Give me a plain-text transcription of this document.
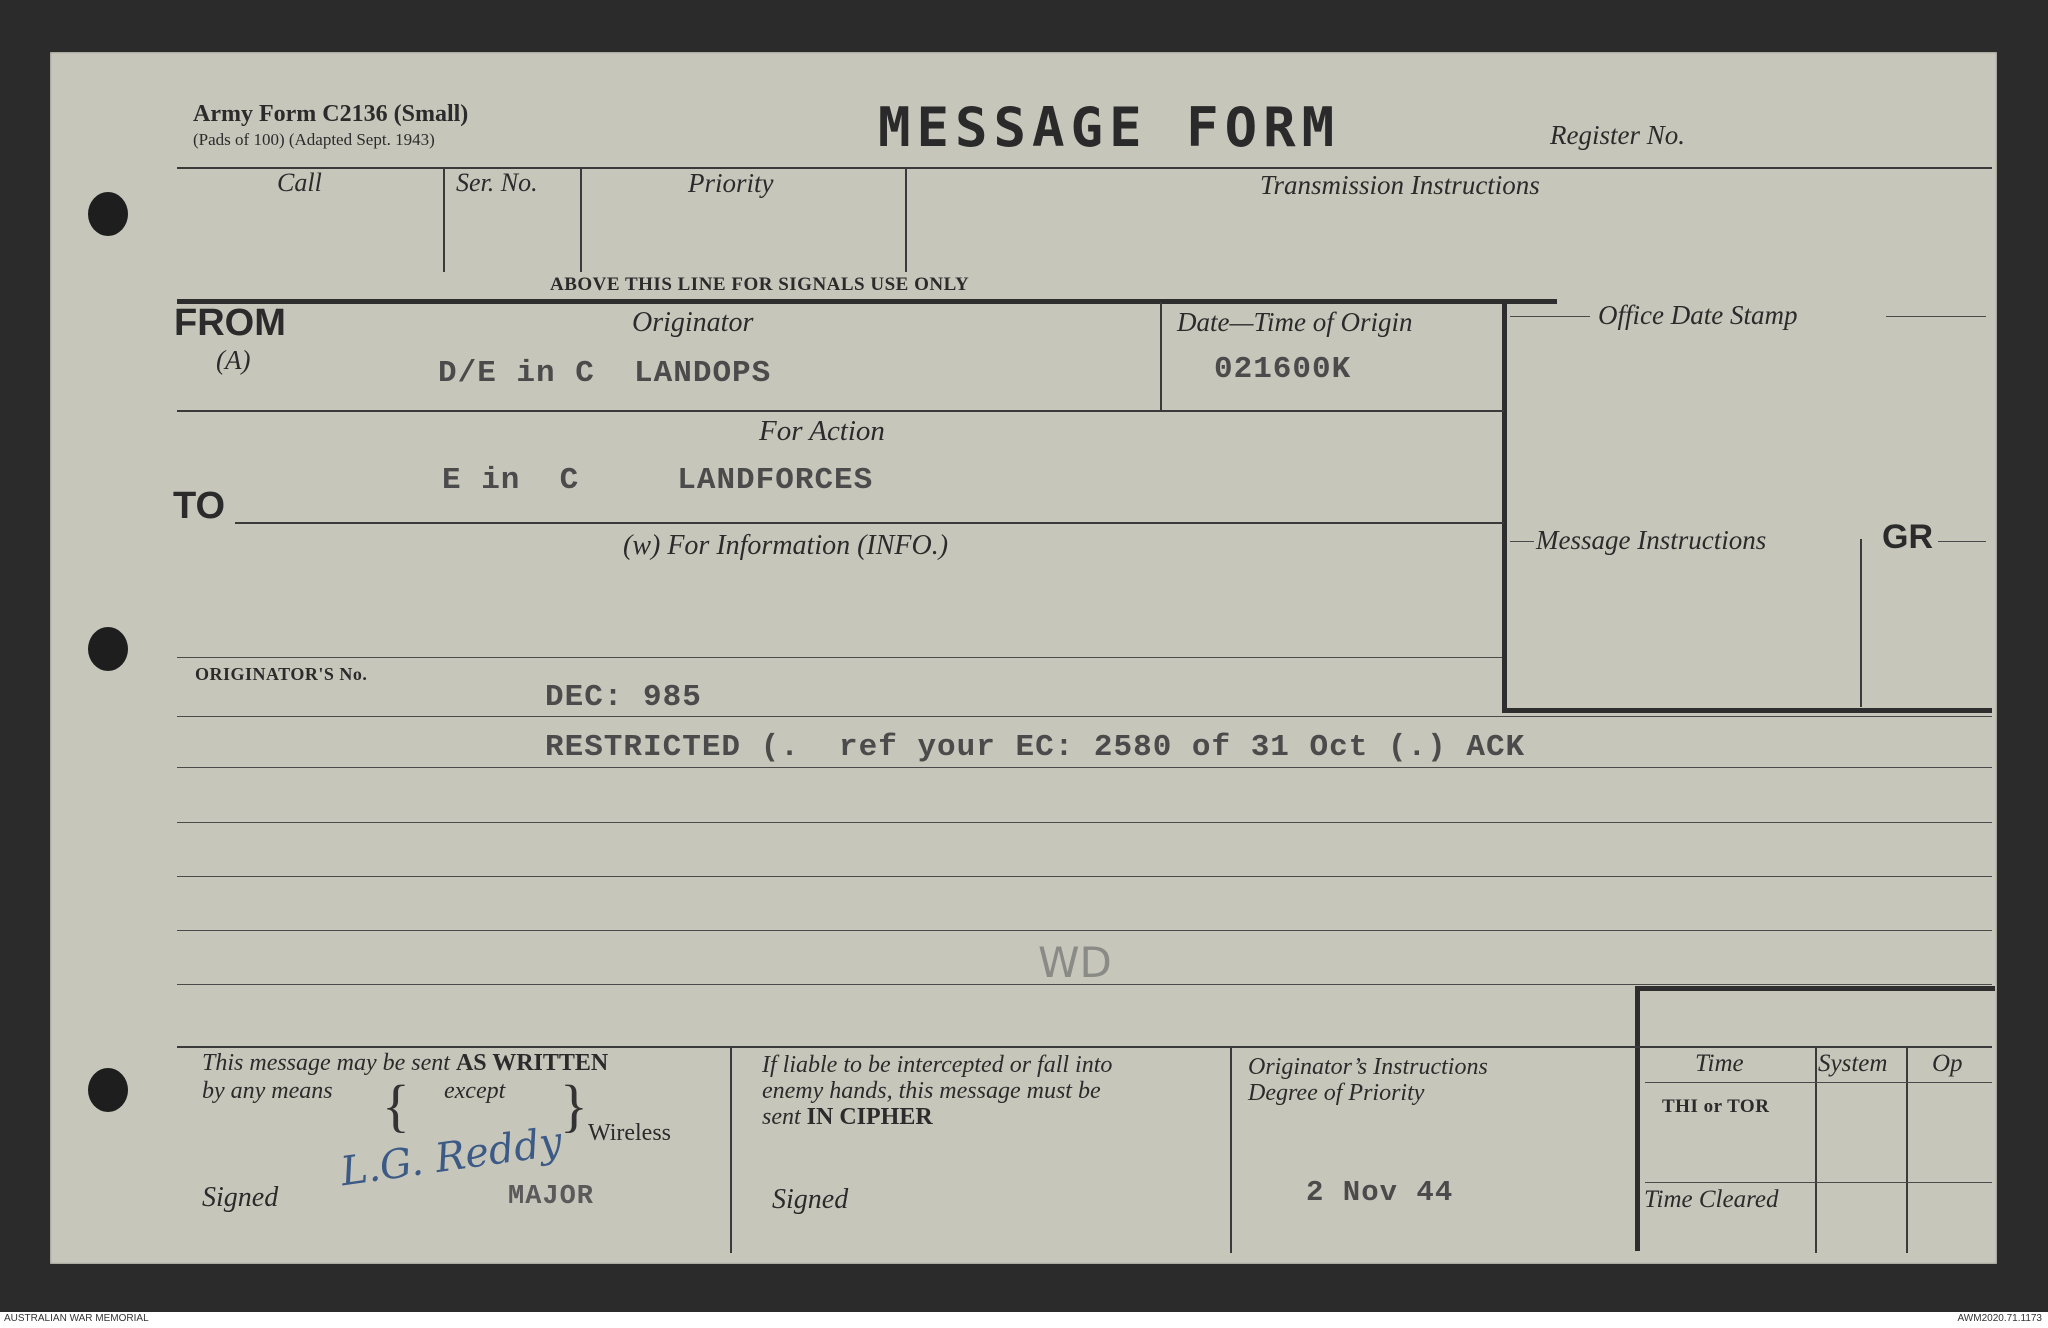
Army Form C2136 (Small)
(Pads of 100) (Adapted Sept. 1943)	MESSAGE FORM	Register No.
Call	Ser. No.	Priority	Transmission Instructions
ABOVE THIS LINE FOR SIGNALS USE ONLY
FROM
(A)
Originator
D/E in C  LANDOPS
Date—Time of Origin
021600K
For Action
TO
E in  C     LANDFORCES
(w) For Information (INFO.)
Office Date Stamp
Message Instructions	GR
ORIGINATOR'S No.
DEC: 985
RESTRICTED (.  ref your EC: 2580 of 31 Oct (.) ACK
WD
This message may be sent AS WRITTEN
by any means	except
{	} Wireless
L.G. Reddy
Signed	MAJOR
If liable to be intercepted or fall into
enemy hands, this message must be
sent IN CIPHER
Signed
Originator’s Instructions
Degree of Priority
2 Nov 44
Time	System Op
THI or TOR
Time Cleared
AUSTRALIAN WAR MEMORIAL	AWM2020.71.1173
